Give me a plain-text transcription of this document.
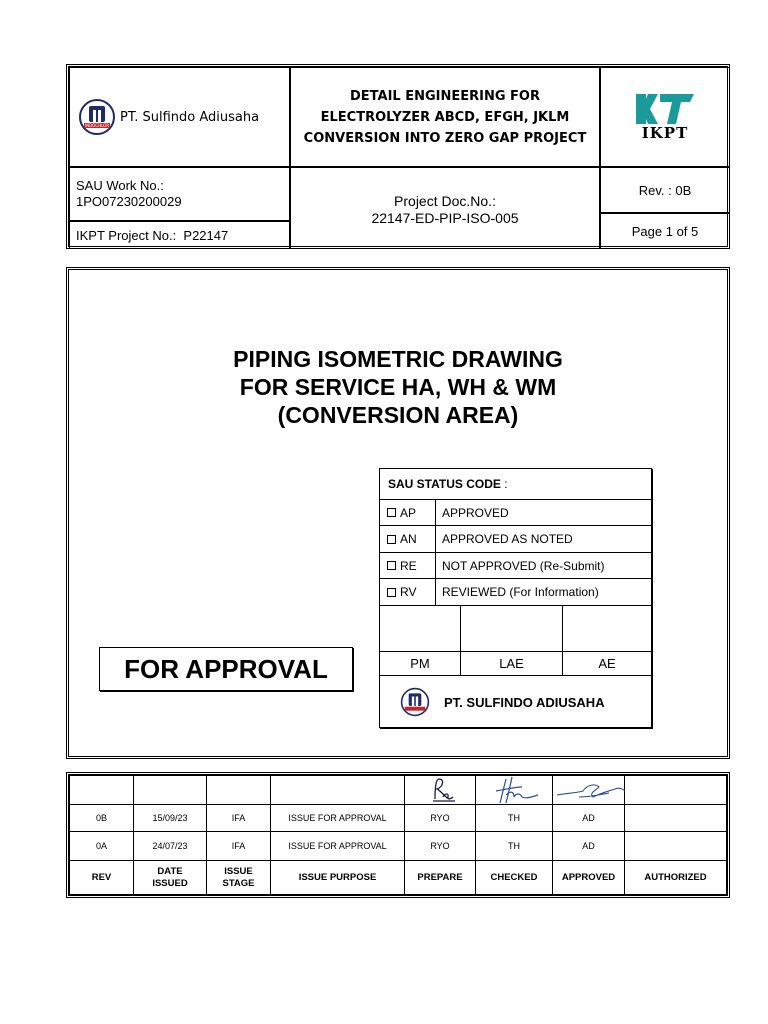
INDOCHLOR
PT. Sulfindo Adiusaha
DETAIL ENGINEERING FOR
ELECTROLYZER ABCD, EFGH, JKLM
CONVERSION INTO ZERO GAP PROJECT	IKPT
SAU Work No.:
1PO07230200029
IKPT Project No.:  P22147
Project Doc.No.:
22147-ED-PIP-ISO-005
Rev. : 0B
Page 1 of 5
PIPING ISOMETRIC DRAWING
FOR SERVICE HA, WH & WM
(CONVERSION AREA)
SAU STATUS CODE :
AP	APPROVED
AN	APPROVED AS NOTED
RE	NOT APPROVED (Re-Submit)
RV	REVIEWED (For Information)
PM	LAE	AE
PT. SULFINDO ADIUSAHA
FOR APPROVAL

0B	15/09/23	IFA	ISSUE FOR APPROVAL	RYO	TH	AD	
0A	24/07/23	IFA	ISSUE FOR APPROVAL	RYO	TH	AD	
REV	DATE ISSUED	ISSUE STAGE	ISSUE PURPOSE	PREPARE	CHECKED	APPROVED	AUTHORIZED
